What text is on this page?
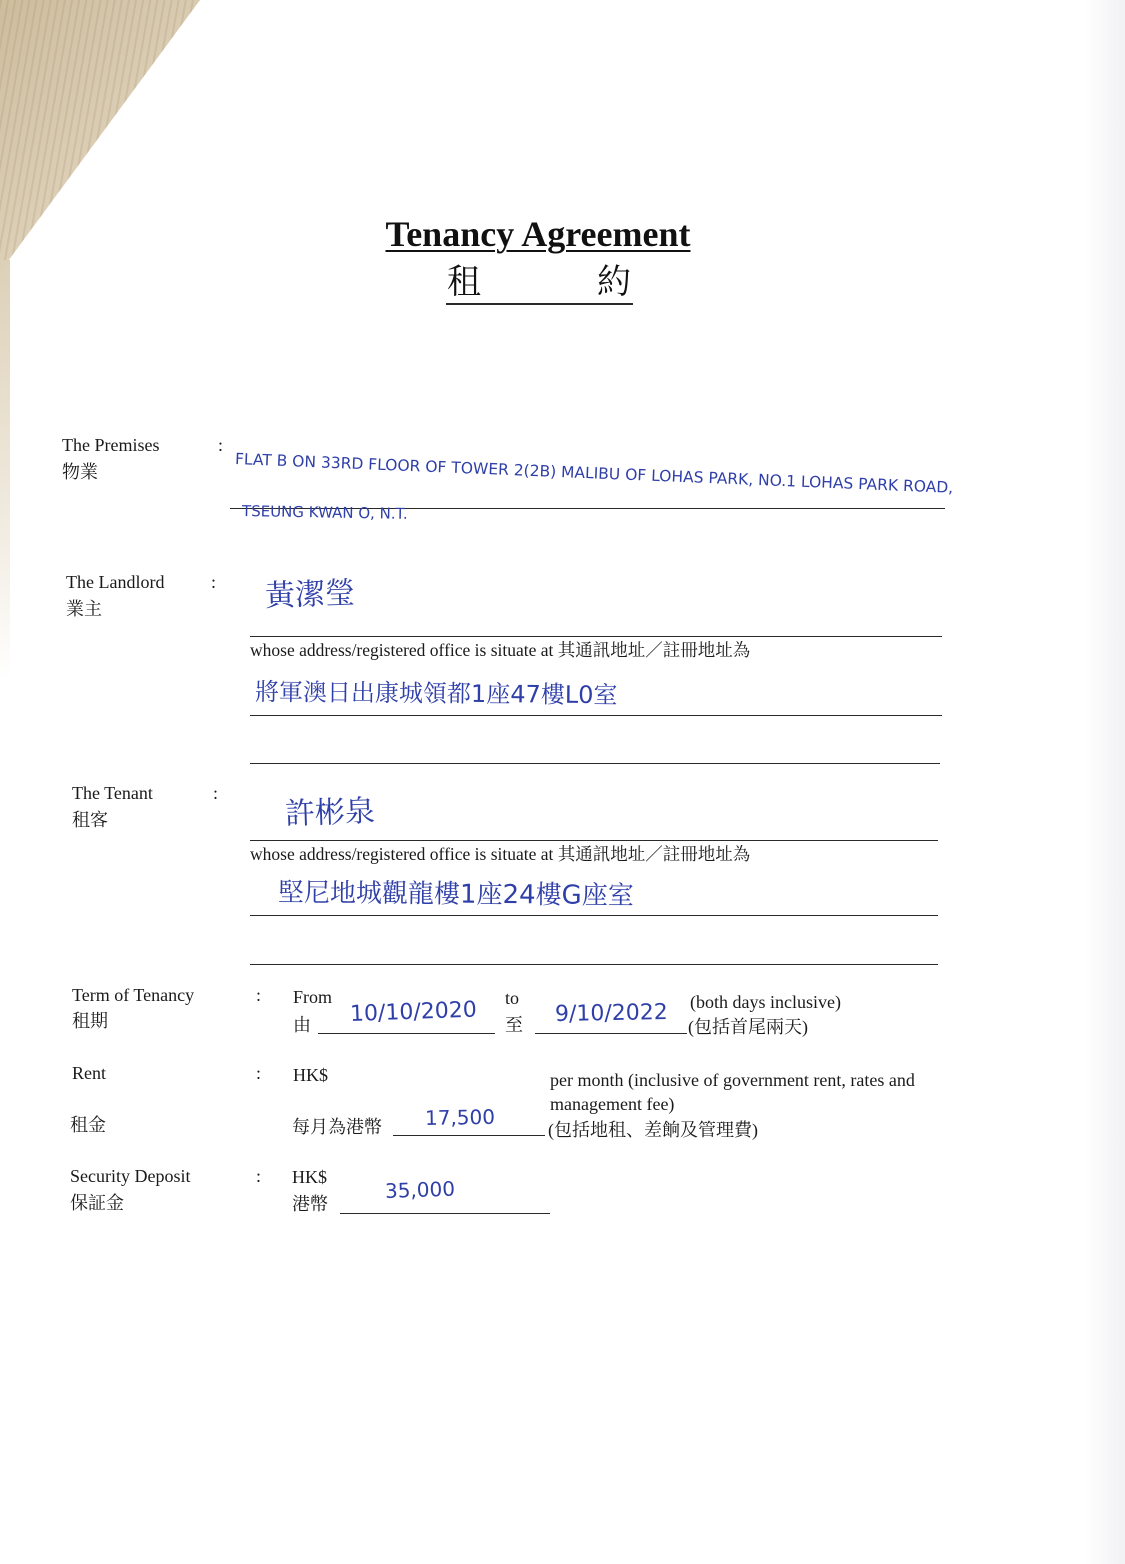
Tenancy Agreement
租	約
The Premises
物業
:
FLAT B ON 33RD FLOOR OF TOWER 2(2B) MALIBU OF LOHAS PARK, NO.1 LOHAS PARK ROAD,
TSEUNG KWAN O, N.T.
The Landlord
業主
: 黃潔瑩
whose address/registered office is situate at 其通訊地址／註冊地址為
將軍澳日出康城領都1座47樓L0室
The Tenant
租客
:
許彬泉
whose address/registered office is situate at 其通訊地址／註冊地址為
堅尼地城觀龍樓1座24樓G座室
Term of Tenancy
租期
: From
由 10/10/2020 to
至 9/10/2022 (both days inclusive)
(包括首尾兩天)
Rent	: HK$	per month (inclusive of government rent, rates and
management fee)
租金	每月為港幣 17,500
(包括地租、差餉及管理費)
Security Deposit
保証金
: HK$
港幣
35,000
